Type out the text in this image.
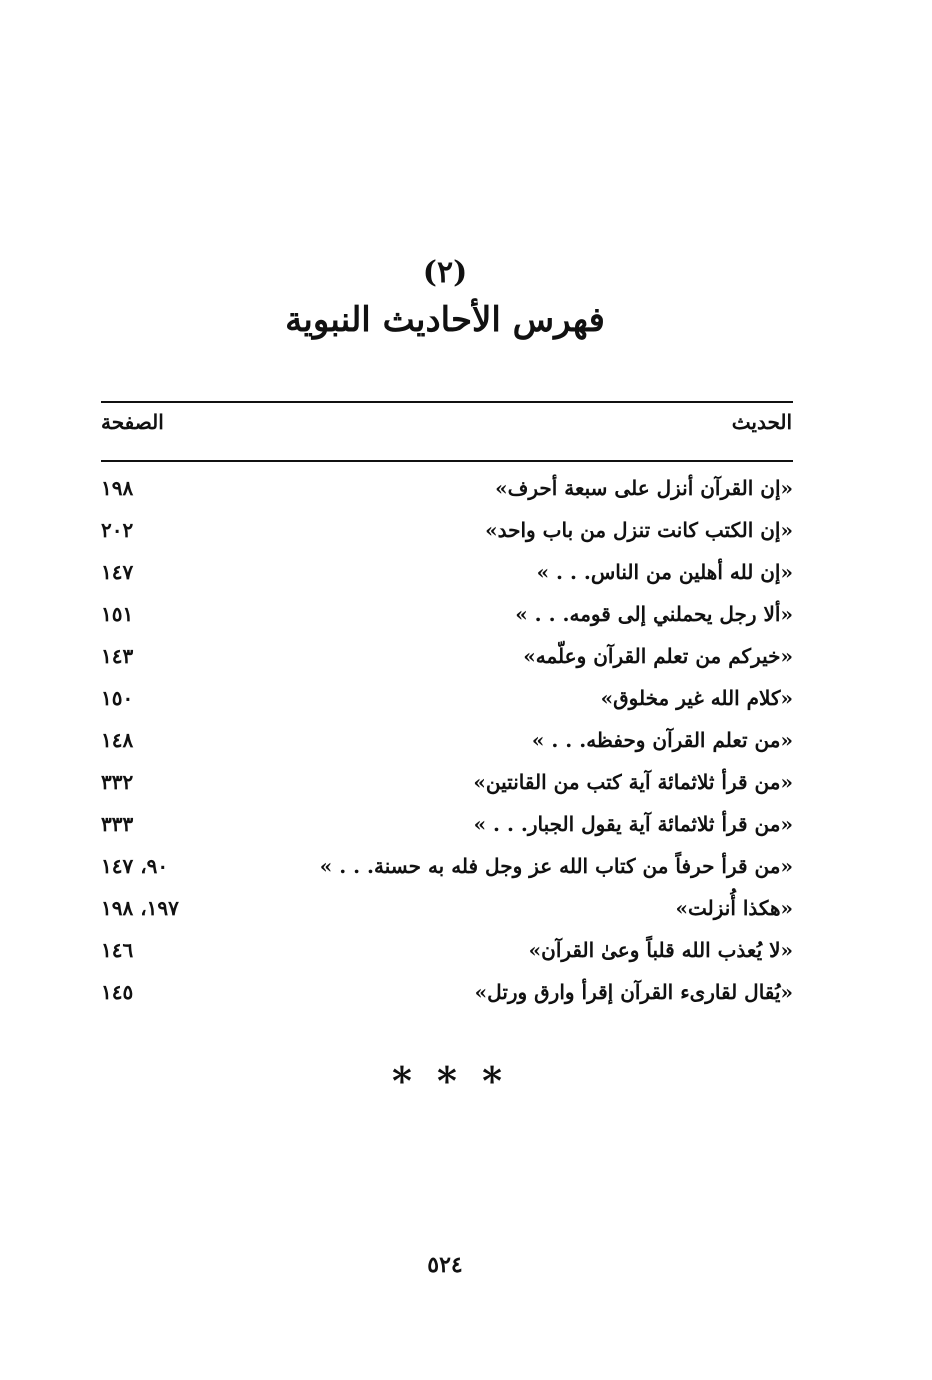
(٢)
فهرس الأحاديث النبوية
الحديث
الصفحة
«إن القرآن أنزل على سبعة أحرف»
١٩٨
«إن الكتب كانت تنزل من باب واحد»
٢٠٢
«إن لله أهلين من الناس. . . »
١٤٧
«ألا رجل يحملني إلى قومه. . . »
١٥١
«خيركم من تعلم القرآن وعلّمه»
١٤٣
«كلام الله غير مخلوق»
١٥٠
«من تعلم القرآن وحفظه. . . »
١٤٨
«من قرأ ثلاثمائة آية كتب من القانتين»
٣٣٢
«من قرأ ثلاثمائة آية يقول الجبار. . . »
٣٣٣
«من قرأ حرفاً من كتاب الله عز وجل فله به حسنة. . . »
٩٠، ١٤٧
«هكذا أُنزلت»
١٩٧، ١٩٨
«لا يُعذب الله قلباً وعىٰ القرآن»
١٤٦
«يُقال لقارىء القرآن إقرأ وارق ورتل»
١٤٥
* * *
٥٢٤
